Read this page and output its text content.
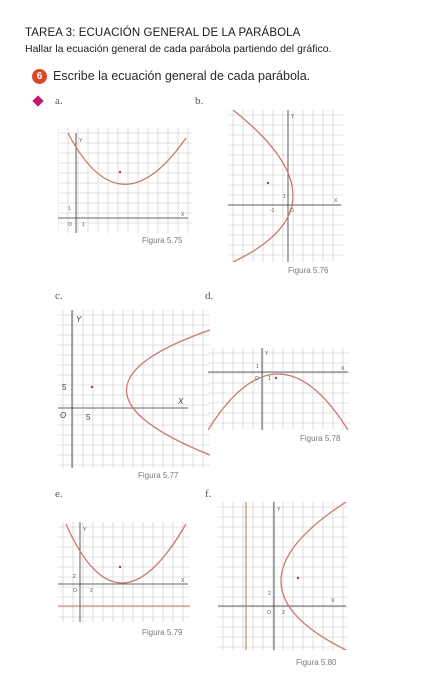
TAREA 3: ECUACIÓN GENERAL DE LA PARÁBOLA
Hallar la ecuación general de cada parábola partiendo del gráfico.
6 Escribe la ecuación general de cada parábola.
a.	b.
c.	d.
e.	f.
Y
X
1
1
O
Figura 5.75
Y
X
1
-1	O
Figura 5.76
Y
X
5
5
O
Figura 5.77
Y
X
1
1
O
Figura 5.78
Y
X
2
2
O
Figura 5.79
Y
X
2
2
O
Figura 5.80
